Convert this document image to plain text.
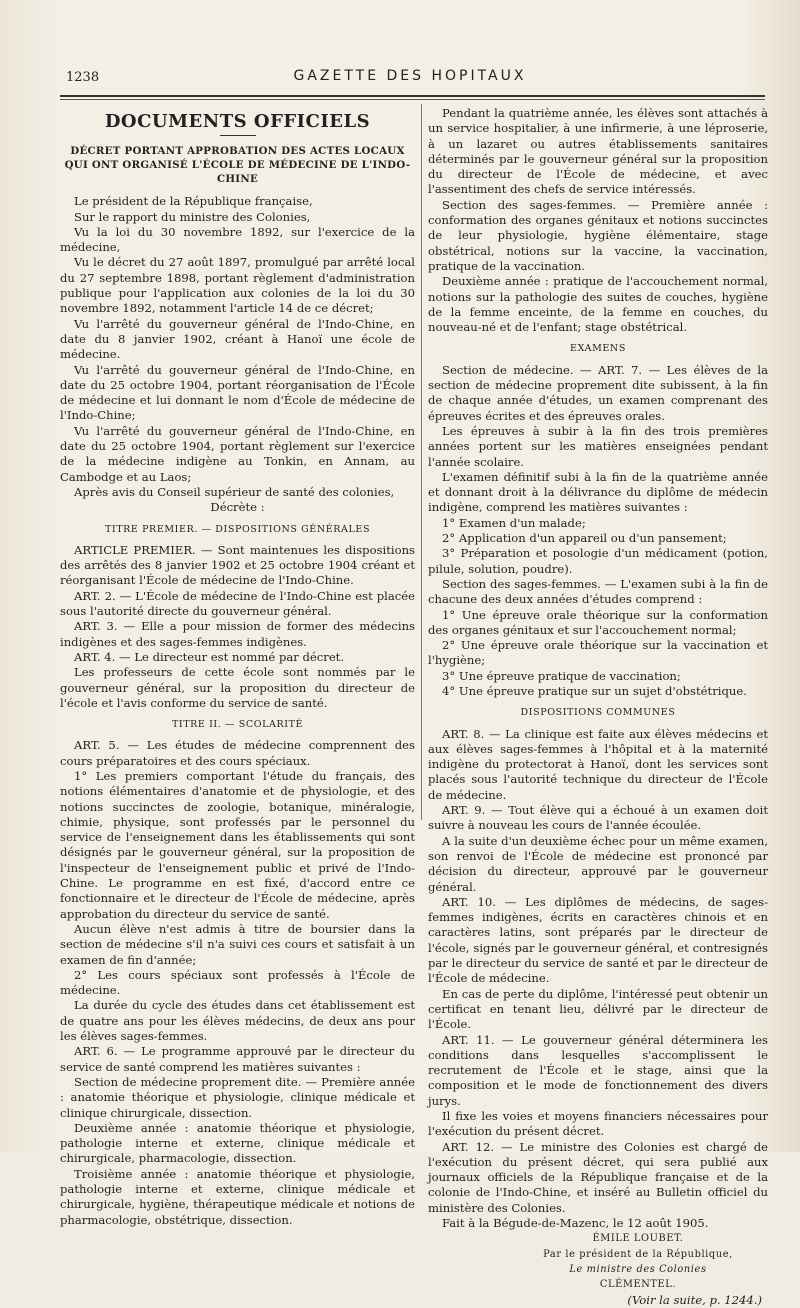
1238	GAZETTE DES HOPITAUX
DOCUMENTS OFFICIELS

DÉCRET PORTANT APPROBATION DES ACTES LOCAUX QUI ONT ORGANISÉ L'ÉCOLE DE MÉDECINE DE L'INDO-CHINE

Le président de la République française,

Sur le rapport du ministre des Colonies,

Vu la loi du 30 novembre 1892, sur l'exercice de la médecine,

Vu le décret du 27 août 1897, promulgué par arrêté local du 27 septembre 1898, portant règlement d'administration publique pour l'application aux colonies de la loi du 30 novembre 1892, notamment l'article 14 de ce décret;

Vu l'arrêté du gouverneur général de l'Indo-Chine, en date du 8 janvier 1902, créant à Hanoï une école de médecine.

Vu l'arrêté du gouverneur général de l'Indo-Chine, en date du 25 octobre 1904, portant réorganisation de l'École de médecine et lui donnant le nom d'École de médecine de l'Indo-Chine;

Vu l'arrêté du gouverneur général de l'Indo-Chine, en date du 25 octobre 1904, portant règlement sur l'exercice de la médecine indigène au Tonkin, en Annam, au Cambodge et au Laos;

Après avis du Conseil supérieur de santé des colonies,

Décrète :

TITRE PREMIER. — DISPOSITIONS GÉNÉRALES

ARTICLE PREMIER. — Sont maintenues les dispositions des arrêtés des 8 janvier 1902 et 25 octobre 1904 créant et réorganisant l'École de médecine de l'Indo-Chine.

ART. 2. — L'École de médecine de l'Indo-Chine est placée sous l'autorité directe du gouverneur général.

ART. 3. — Elle a pour mission de former des médecins indigènes et des sages-femmes indigènes.

ART. 4. — Le directeur est nommé par décret.

Les professeurs de cette école sont nommés par le gouverneur général, sur la proposition du directeur de l'école et l'avis conforme du service de santé.

TITRE II. — SCOLARITÉ

ART. 5. — Les études de médecine comprennent des cours préparatoires et des cours spéciaux.

1° Les premiers comportant l'étude du français, des notions élémentaires d'anatomie et de physiologie, et des notions succinctes de zoologie, botanique, minéralogie, chimie, physique, sont professés par le personnel du service de l'enseignement dans les établissements qui sont désignés par le gouverneur général, sur la proposition de l'inspecteur de l'enseignement public et privé de l'Indo-Chine. Le programme en est fixé, d'accord entre ce fonctionnaire et le directeur de l'École de médecine, après approbation du directeur du service de santé.

Aucun élève n'est admis à titre de boursier dans la section de médecine s'il n'a suivi ces cours et satisfait à un examen de fin d'année;

2° Les cours spéciaux sont professés à l'École de médecine.

La durée du cycle des études dans cet établissement est de quatre ans pour les élèves médecins, de deux ans pour les élèves sages-femmes.

ART. 6. — Le programme approuvé par le directeur du service de santé comprend les matières suivantes :

Section de médecine proprement dite. — Première année : anatomie théorique et physiologie, clinique médicale et clinique chirurgicale, dissection.

Deuxième année : anatomie théorique et physiologie, pathologie interne et externe, clinique médicale et chirurgicale, pharmacologie, dissection.

Troisième année : anatomie théorique et physiologie, pathologie interne et externe, clinique médicale et chirurgicale, hygiène, thérapeutique médicale et notions de pharmacologie, obstétrique, dissection.

Pendant la quatrième année, les élèves sont attachés à un service hospitalier, à une infirmerie, à une léproserie, à un lazaret ou autres établissements sanitaires déterminés par le gouverneur général sur la proposition du directeur de l'École de médecine, et avec l'assentiment des chefs de service intéressés.

Section des sages-femmes. — Première année : conformation des organes génitaux et notions succinctes de leur physiologie, hygiène élémentaire, stage obstétrical, notions sur la vaccine, la vaccination, pratique de la vaccination.

Deuxième année : pratique de l'accouchement normal, notions sur la pathologie des suites de couches, hygiène de la femme enceinte, de la femme en couches, du nouveau-né et de l'enfant; stage obstétrical.

EXAMENS

Section de médecine. — ART. 7. — Les élèves de la section de médecine proprement dite subissent, à la fin de chaque année d'études, un examen comprenant des épreuves écrites et des épreuves orales.

Les épreuves à subir à la fin des trois premières années portent sur les matières enseignées pendant l'année scolaire.

L'examen définitif subi à la fin de la quatrième année et donnant droit à la délivrance du diplôme de médecin indigène, comprend les matières suivantes :

1° Examen d'un malade;

2° Application d'un appareil ou d'un pansement;

3° Préparation et posologie d'un médicament (potion, pilule, solution, poudre).

Section des sages-femmes. — L'examen subi à la fin de chacune des deux années d'études comprend :

1° Une épreuve orale théorique sur la conformation des organes génitaux et sur l'accouchement normal;

2° Une épreuve orale théorique sur la vaccination et l'hygiène;

3° Une épreuve pratique de vaccination;

4° Une épreuve pratique sur un sujet d'obstétrique.

DISPOSITIONS COMMUNES

ART. 8. — La clinique est faite aux élèves médecins et aux élèves sages-femmes à l'hôpital et à la maternité indigène du protectorat à Hanoï, dont les services sont placés sous l'autorité technique du directeur de l'École de médecine.

ART. 9. — Tout élève qui a échoué à un examen doit suivre à nouveau les cours de l'année écoulée.

A la suite d'un deuxième échec pour un même examen, son renvoi de l'École de médecine est prononcé par décision du directeur, approuvé par le gouverneur général.

ART. 10. — Les diplômes de médecins, de sages-femmes indigènes, écrits en caractères chinois et en caractères latins, sont préparés par le directeur de l'école, signés par le gouverneur général, et contresignés par le directeur du service de santé et par le directeur de l'École de médecine.

En cas de perte du diplôme, l'intéressé peut obtenir un certificat en tenant lieu, délivré par le directeur de l'École.

ART. 11. — Le gouverneur général déterminera les conditions dans lesquelles s'accomplissent le recrutement de l'École et le stage, ainsi que la composition et le mode de fonctionnement des divers jurys.

Il fixe les voies et moyens financiers nécessaires pour l'exécution du présent décret.

ART. 12. — Le ministre des Colonies est chargé de l'exécution du présent décret, qui sera publié aux journaux officiels de la République française et de la colonie de l'Indo-Chine, et inséré au Bulletin officiel du ministère des Colonies.

Fait à la Bégude-de-Mazenc, le 12 août 1905.

ÉMILE LOUBET.

Par le président de la République,

Le ministre des Colonies

CLÉMENTEL.

(Voir la suite, p. 1244.)
